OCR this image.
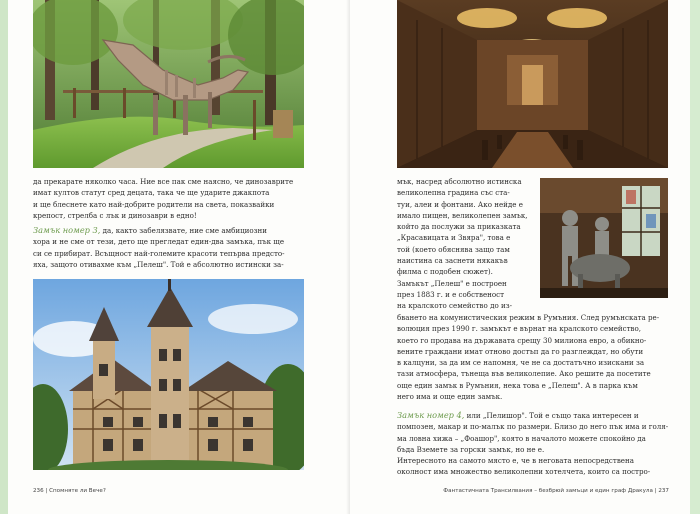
да прекарате няколко часа. Ние все пак сме наясно, че динозаврите
имат култов статут сред децата, така че ще ударите джакпота
и ще блеснете като най-добрите родители на света, показвайки
крепост, стрелба с лък и динозаври в едно!
Замък номер 3, да, както забелязвате, ние сме амбициозни
хора и не сме от тези, дето ще прегледат един-два замъка, пък ще
си се прибират. Всъщност най-големите красоти тепърва предсто-
яха, защото отивахме към „Пелеш". Той е абсолютно истински за-
236 | Спомняте ли Вече?
мък, насред абсолютно истинска
великолепна градина със ста-
туи, алеи и фонтани. Ако нейде е
имало пищен, великолепен замък,
който да послужи за приказката
„Красавицата и Звяра", това е
той (което обяснява защо там
наистина са заснети някакъв
филма с подобен сюжет).
Замъкът „Пелеш" е построен
през 1883 г. и е собственост
на кралското семейство до из-
бването на комунистическия режим в Румъния. След румънската ре-
волюция през 1990 г. замъкът е върнат на кралското семейство,
което го продава на държавата срещу 30 милиона евро, а обикно-
вените граждани имат отново достъп да го разглеждат, но обути
в калцуни, за да им се напомня, че не са достатъчно изискани за
тази атмосфера, тънеща във великолепие. Ако решите да посетите
още един замък в Румъния, нека това е „Пелеш". А в парка към
него има и още един замък.
Замък номер 4, или „Пелишор". Той е също така интересен и
помпозен, макар и по-малък по размери. Близо до него пък има и голя-
ма ловна хижа – „Фоашор", която в началото можете спокойно да
бъда Вземете за горски замък, но не е.
Интересното на самото място е, че в неговата непосредствена
околност има множество великолепни хотелчета, които са постро-
Фантастичната Трансилвания – безбрюй замъци и един граф Дракула | 237
